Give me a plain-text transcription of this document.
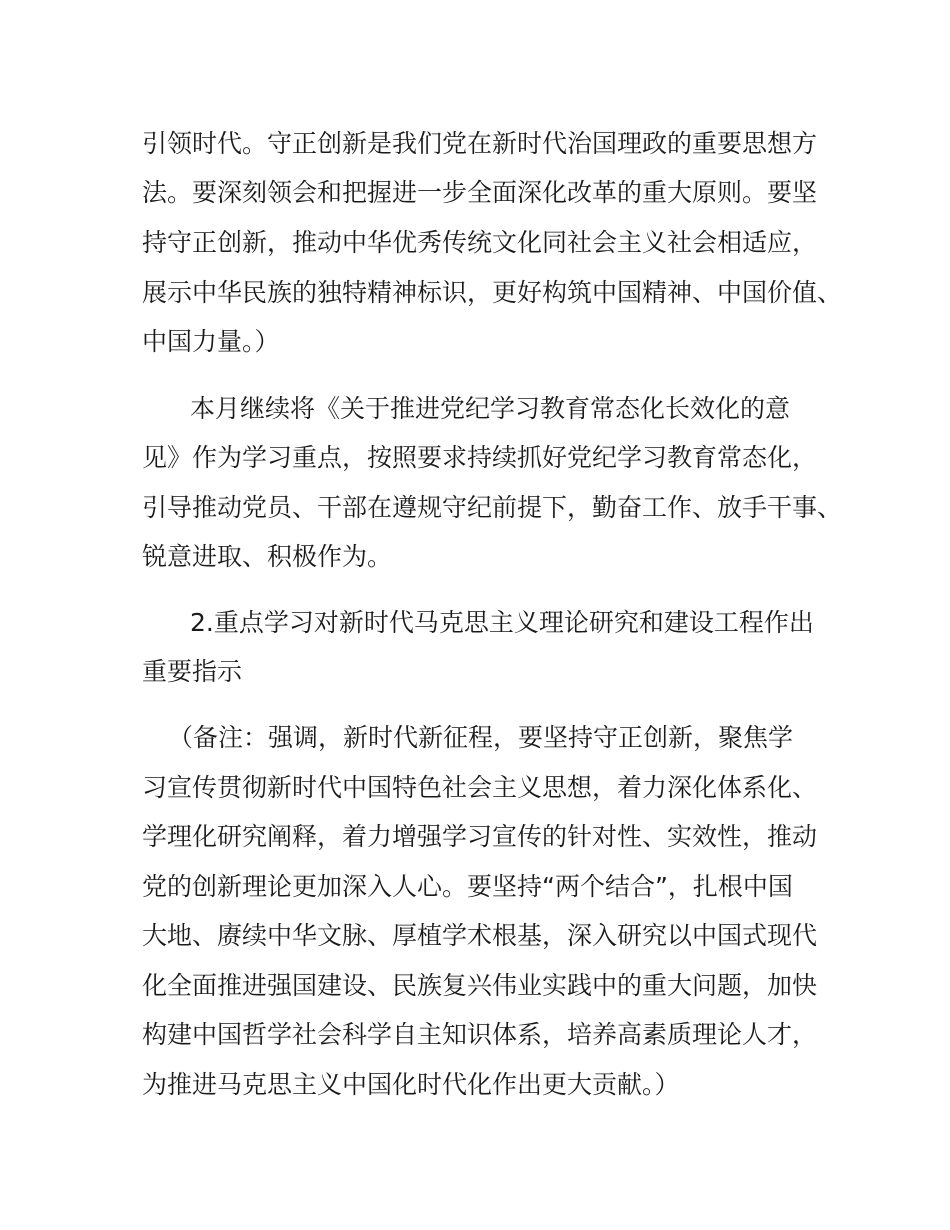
引领时代。守正创新是我们党在新时代治国理政的重要思想方
法。要深刻领会和把握进一步全面深化改革的重大原则。要坚
持守正创新，推动中华优秀传统文化同社会主义社会相适应，
展示中华民族的独特精神标识，更好构筑中国精神、中国价值、
中国力量。）
本月继续将《关于推进党纪学习教育常态化长效化的意
见》作为学习重点，按照要求持续抓好党纪学习教育常态化，
引导推动党员、干部在遵规守纪前提下，勤奋工作、放手干事、
锐意进取、积极作为。
2.重点学习对新时代马克思主义理论研究和建设工程作出
重要指示
（备注：强调，新时代新征程，要坚持守正创新，聚焦学
习宣传贯彻新时代中国特色社会主义思想，着力深化体系化、
学理化研究阐释，着力增强学习宣传的针对性、实效性，推动
党的创新理论更加深入人心。要坚持“两个结合”，扎根中国
大地、赓续中华文脉、厚植学术根基，深入研究以中国式现代
化全面推进强国建设、民族复兴伟业实践中的重大问题，加快
构建中国哲学社会科学自主知识体系，培养高素质理论人才，
为推进马克思主义中国化时代化作出更大贡献。）
